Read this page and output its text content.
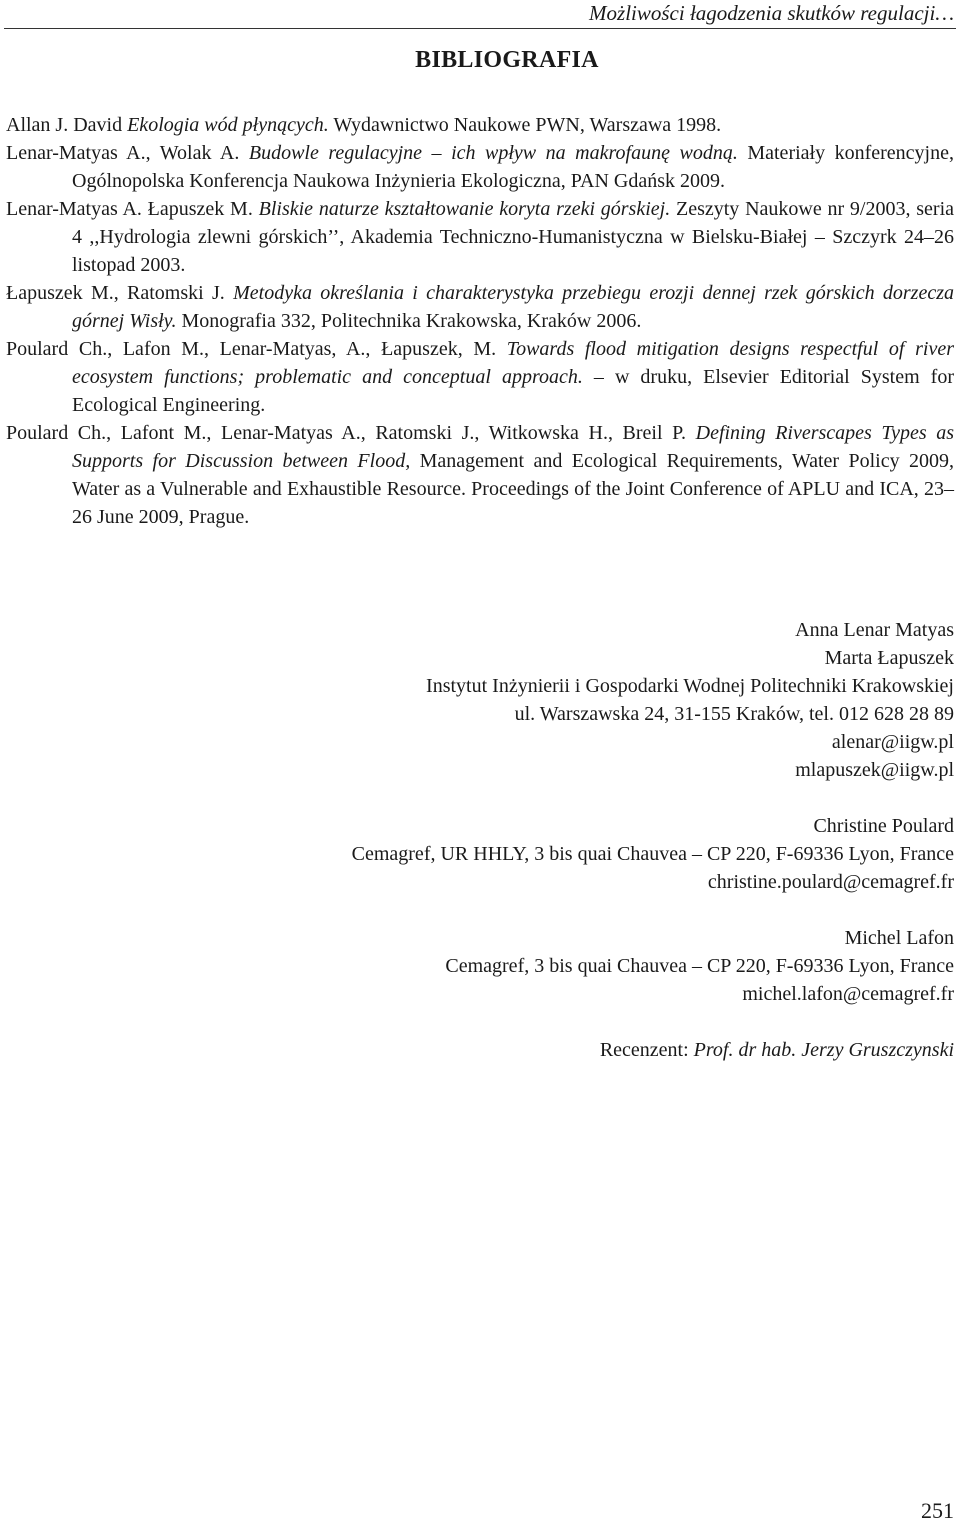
Możliwości łagodzenia skutków regulacji…
BIBLIOGRAFIA

Allan J. David Ekologia wód płynących. Wydawnictwo Naukowe PWN, Warszawa 1998.

Lenar-Matyas A., Wolak A. Budowle regulacyjne – ich wpływ na makrofaunę wodną. Materiały konferencyjne, Ogólnopolska Konferencja Naukowa Inżynieria Ekologiczna, PAN Gdańsk 2009.

Lenar-Matyas A. Łapuszek M. Bliskie naturze kształtowanie koryta rzeki górskiej. Zeszyty Naukowe nr 9/2003, seria 4 ,,Hydrologia zlewni górskich’’, Akademia Techniczno-Humanistyczna w Bielsku-Białej – Szczyrk 24–26 listopad 2003.

Łapuszek M., Ratomski J. Metodyka określania i charakterystyka przebiegu erozji dennej rzek górskich dorzecza górnej Wisły. Monografia 332, Politechnika Krakowska, Kraków 2006.

Poulard Ch., Lafon M., Lenar-Matyas, A., Łapuszek, M. Towards flood mitigation designs respectful of river ecosystem functions; problematic and conceptual approach. – w druku, Elsevier Editorial System for Ecological Engineering.

Poulard Ch., Lafont M., Lenar-Matyas A., Ratomski J., Witkowska H., Breil P. Defining Riverscapes Types as Supports for Discussion between Flood, Management and Ecological Requirements, Water Policy 2009, Water as a Vulnerable and Exhaustible Resource. Proceedings of the Joint Conference of APLU and ICA, 23–26 June 2009, Prague.

Anna Lenar Matyas
Marta Łapuszek
Instytut Inżynierii i Gospodarki Wodnej Politechniki Krakowskiej
ul. Warszawska 24, 31-155 Kraków, tel. 012 628 28 89
alenar@iigw.pl
mlapuszek@iigw.pl
Christine Poulard
Cemagref, UR HHLY, 3 bis quai Chauvea – CP 220, F-69336 Lyon, France
christine.poulard@cemagref.fr
Michel Lafon
Cemagref, 3 bis quai Chauvea – CP 220, F-69336 Lyon, France
michel.lafon@cemagref.fr
Recenzent: Prof. dr hab. Jerzy Gruszczynski
251
